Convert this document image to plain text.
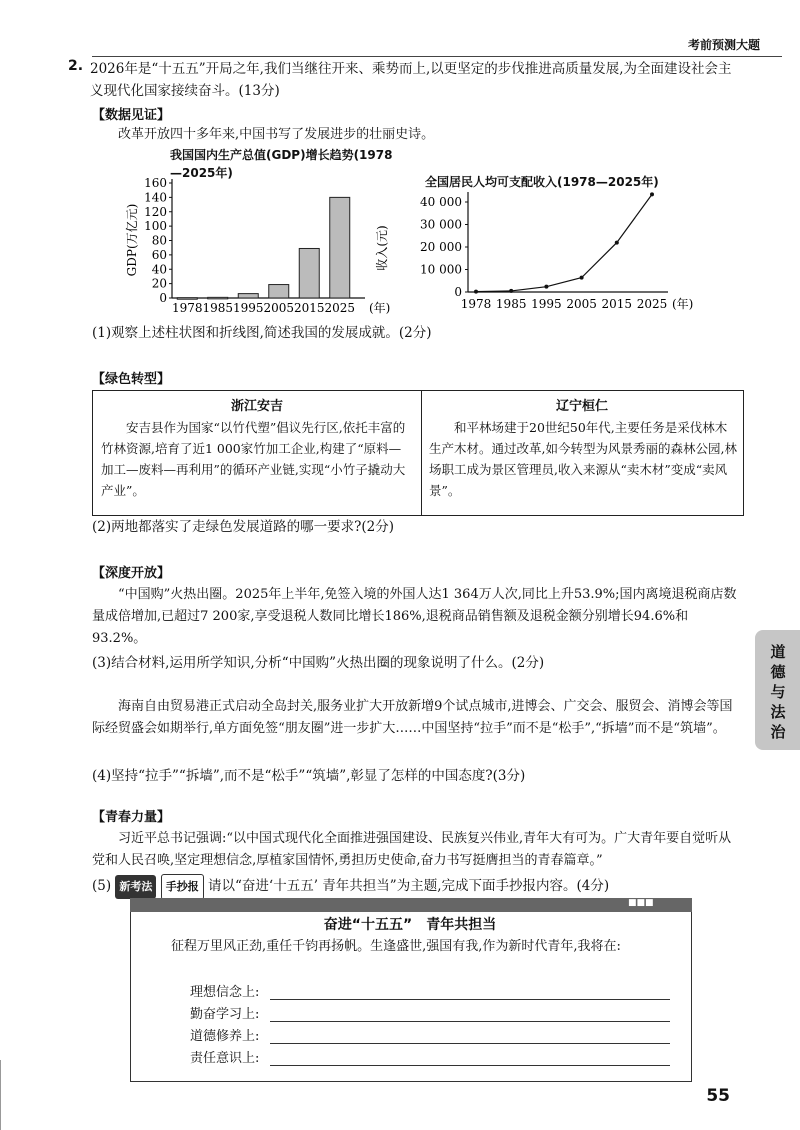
考前预测大题
2. 2026年是“十五五”开局之年,我们当继往开来、乘势而上,以更坚定的步伐推进高质量发展,为全面建设社会主义现代化国家接续奋斗。(13分)
【数据见证】
改革开放四十多年来,中国书写了发展进步的壮丽史诗。
我国国内生产总值(GDP)增长趋势(1978—2025年)
0
20
40
60
80
100
120
140
160
GDP(万亿元)
1978 1985 1995 2005 2015 2025 (年)
全国居民人均可支配收入(1978—2025年)
0
10 000
20 000
30 000
40 000
收入(元)
1978 1985 1995 2005 2015 2025 (年)
(1)观察上述柱状图和折线图,简述我国的发展成就。(2分)
【绿色转型】
浙江安吉
安吉县作为国家“以竹代塑”倡议先行区,依托丰富的竹林资源,培育了近1 000家竹加工企业,构建了“原料—加工—废料—再利用”的循环产业链,实现“小竹子撬动大产业”。
辽宁桓仁
和平林场建于20世纪50年代,主要任务是采伐林木生产木材。通过改革,如今转型为风景秀丽的森林公园,林场职工成为景区管理员,收入来源从“卖木材”变成“卖风景”。
(2)两地都落实了走绿色发展道路的哪一要求?(2分)
【深度开放】
“中国购”火热出圈。2025年上半年,免签入境的外国人达1 364万人次,同比上升53.9%;国内离境退税商店数量成倍增加,已超过7 200家,享受退税人数同比增长186%,退税商品销售额及退税金额分别增长94.6%和93.2%。
(3)结合材料,运用所学知识,分析“中国购”火热出圈的现象说明了什么。(2分)
海南自由贸易港正式启动全岛封关,服务业扩大开放新增9个试点城市,进博会、广交会、服贸会、消博会等国际经贸盛会如期举行,单方面免签“朋友圈”进一步扩大……中国坚持“拉手”而不是“松手”,“拆墙”而不是“筑墙”。
(4)坚持“拉手”“拆墙”,而不是“松手”“筑墙”,彰显了怎样的中国态度?(3分)
道德与法治
【青春力量】
习近平总书记强调:“以中国式现代化全面推进强国建设、民族复兴伟业,青年大有可为。广大青年要自觉听从党和人民召唤,坚定理想信念,厚植家国情怀,勇担历史使命,奋力书写挺膺担当的青春篇章。”
(5) 新考法 手抄报 请以“奋进‘十五五’ 青年共担当”为主题,完成下面手抄报内容。(4分)
■■■
奋进“十五五”　青年共担当
征程万里风正劲,重任千钧再扬帆。生逢盛世,强国有我,作为新时代青年,我将在:
理想信念上:
勤奋学习上:
道德修养上:
责任意识上:
55
